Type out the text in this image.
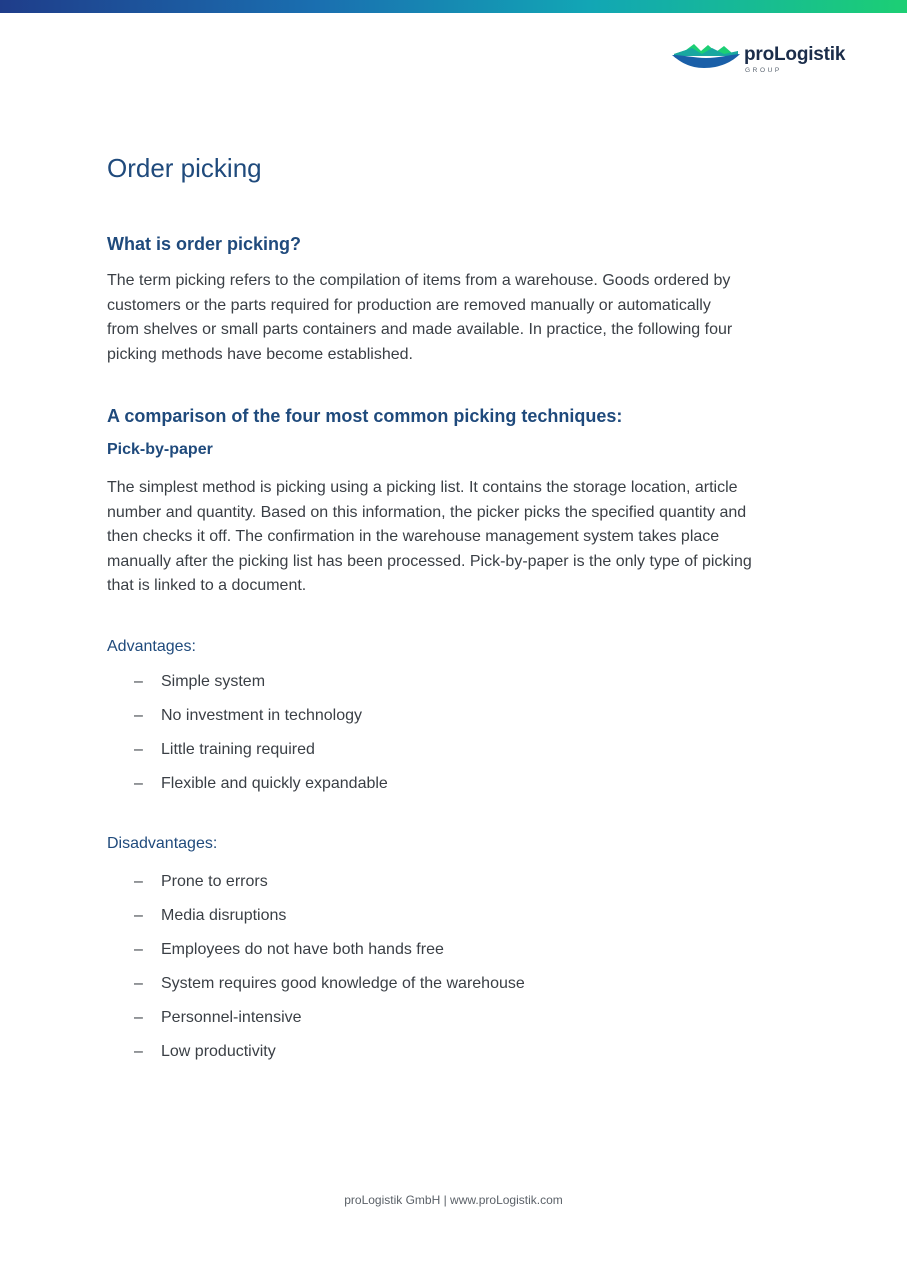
proLogistik
GROUP
Order picking
What is order picking?

The term picking refers to the compilation of items from a warehouse. Goods ordered by
customers or the parts required for production are removed manually or automatically
from shelves or small parts containers and made available. In practice, the following four
picking methods have become established.

A comparison of the four most common picking techniques:
Pick-by-paper

The simplest method is picking using a picking list. It contains the storage location, article
number and quantity. Based on this information, the picker picks the specified quantity and
then checks it off. The confirmation in the warehouse management system takes place
manually after the picking list has been processed. Pick-by-paper is the only type of picking
that is linked to a document.

Advantages:
– Simple system
– No investment in technology
– Little training required
– Flexible and quickly expandable
Disadvantages:
– Prone to errors
– Media disruptions
– Employees do not have both hands free
– System requires good knowledge of the warehouse
– Personnel-intensive
– Low productivity
proLogistik GmbH | www.proLogistik.com
